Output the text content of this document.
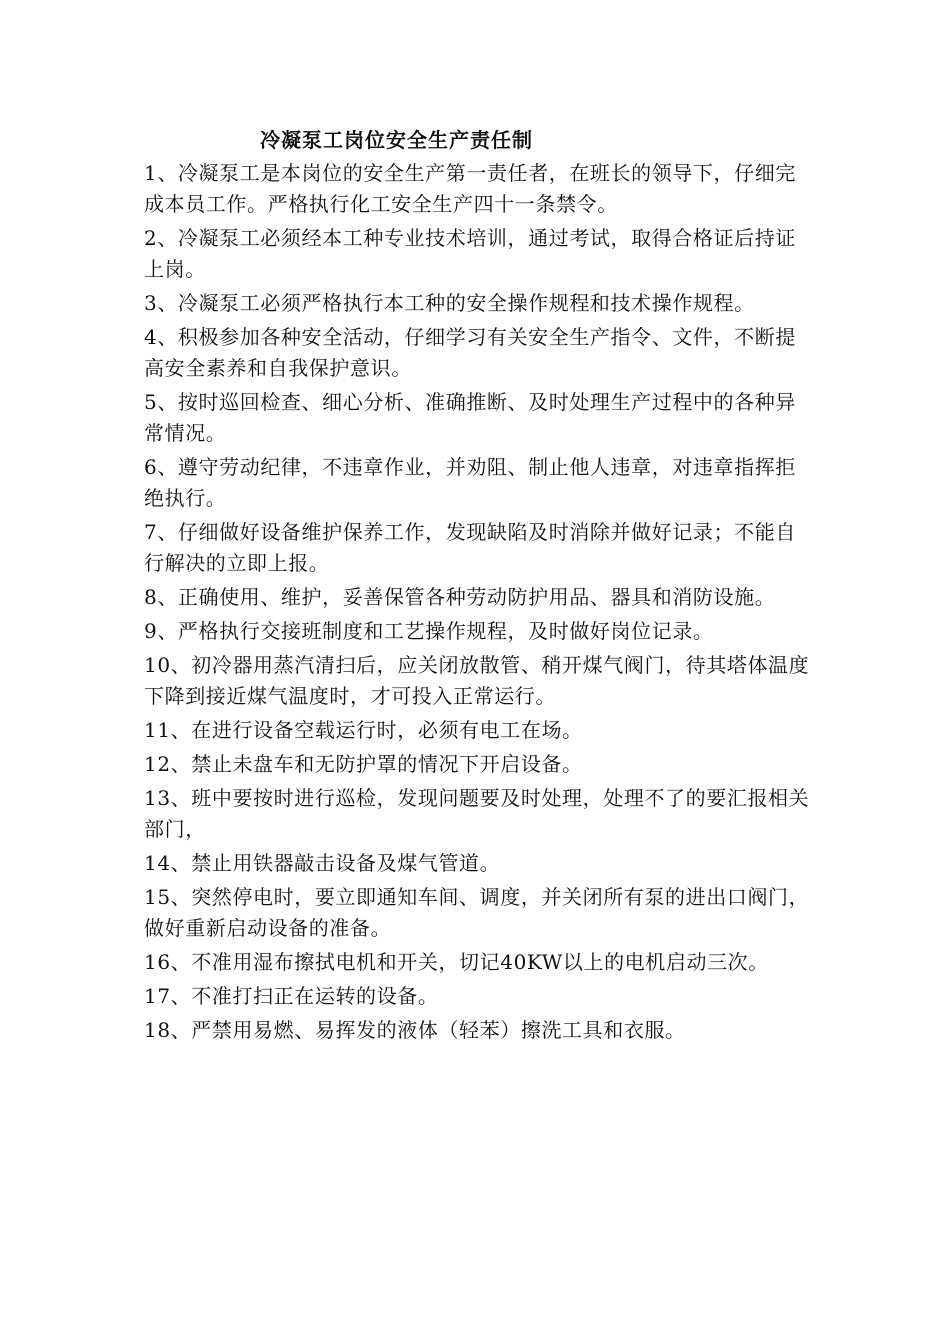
冷凝泵工岗位安全生产责任制
1、冷凝泵工是本岗位的安全生产第一责任者，在班长的领导下，仔细完成本员工作。严格执行化工安全生产四十一条禁令。
2、冷凝泵工必须经本工种专业技术培训，通过考试，取得合格证后持证上岗。
3、冷凝泵工必须严格执行本工种的安全操作规程和技术操作规程。
4、积极参加各种安全活动，仔细学习有关安全生产指令、文件，不断提高安全素养和自我保护意识。
5、按时巡回检查、细心分析、准确推断、及时处理生产过程中的各种异常情况。
6、遵守劳动纪律，不违章作业，并劝阻、制止他人违章，对违章指挥拒绝执行。
7、仔细做好设备维护保养工作，发现缺陷及时消除并做好记录；不能自行解决的立即上报。
8、正确使用、维护，妥善保管各种劳动防护用品、器具和消防设施。
9、严格执行交接班制度和工艺操作规程，及时做好岗位记录。
10、初冷器用蒸汽清扫后，应关闭放散管、稍开煤气阀门，待其塔体温度下降到接近煤气温度时，才可投入正常运行。
11、在进行设备空载运行时，必须有电工在场。
12、禁止未盘车和无防护罩的情况下开启设备。
13、班中要按时进行巡检，发现问题要及时处理，处理不了的要汇报相关部门，
14、禁止用铁器敲击设备及煤气管道。
15、突然停电时，要立即通知车间、调度，并关闭所有泵的进出口阀门，做好重新启动设备的准备。
16、不准用湿布擦拭电机和开关，切记40KW以上的电机启动三次。
17、不准打扫正在运转的设备。
18、严禁用易燃、易挥发的液体（轻苯）擦洗工具和衣服。
